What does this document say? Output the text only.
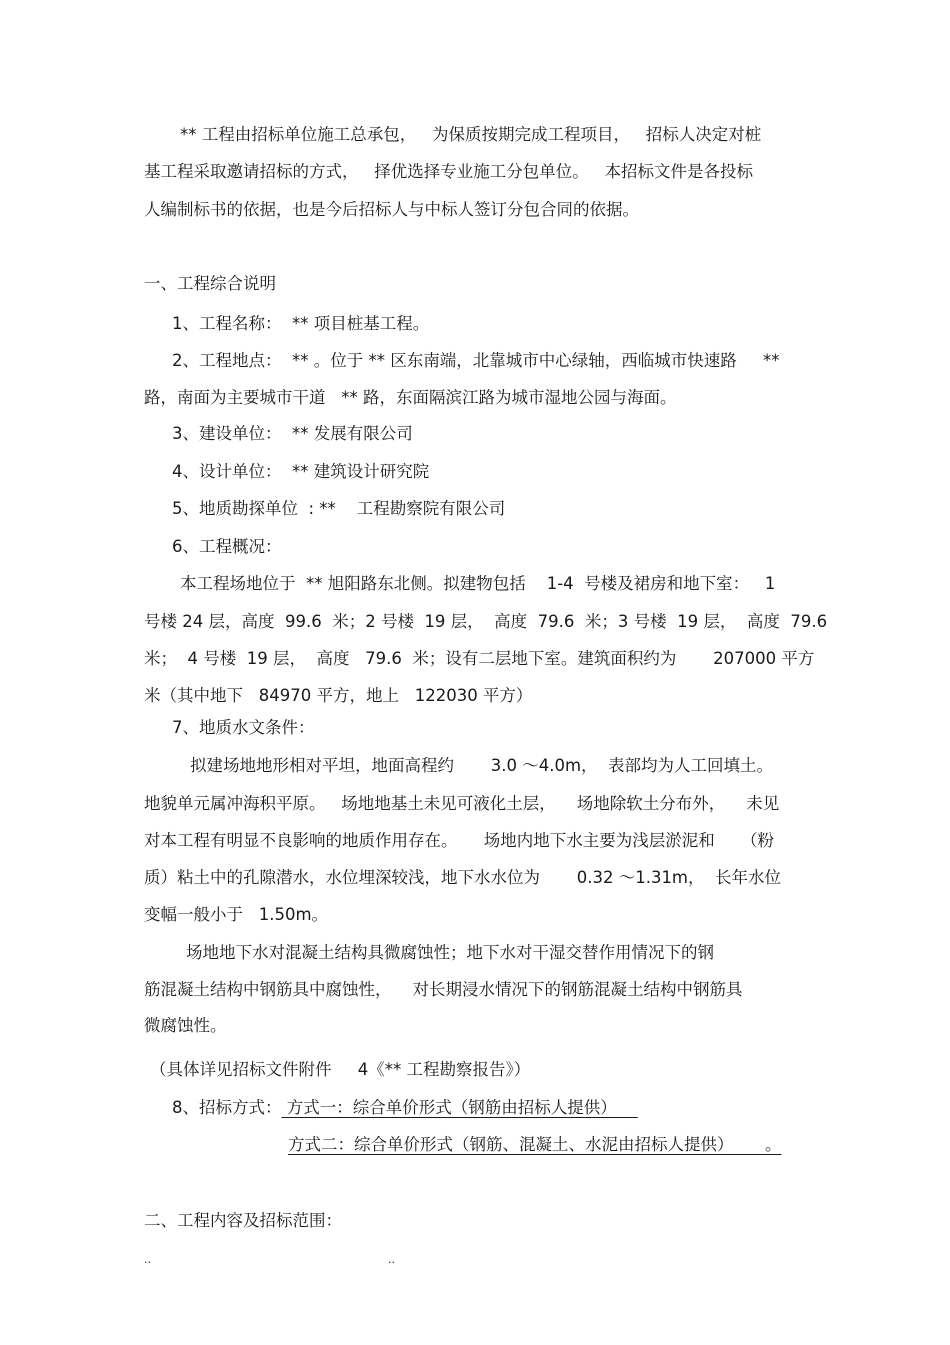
** 工程由招标单位施工总承包，   为保质按期完成工程项目，   招标人决定对桩
基工程采取邀请招标的方式，   择优选择专业施工分包单位。   本招标文件是各投标
人编制标书的依据，也是今后招标人与中标人签订分包合同的依据。
一、工程综合说明
1、工程名称：  ** 项目桩基工程。
2、工程地点：  ** 。位于 ** 区东南端，北靠城市中心绿轴，西临城市快速路     **
路，南面为主要城市干道   ** 路，东面隔滨江路为城市湿地公园与海面。
3、建设单位：  ** 发展有限公司
4、设计单位：  ** 建筑设计研究院
5、地质勘探单位  : **    工程勘察院有限公司
6、工程概况：
本工程场地位于  ** 旭阳路东北侧。拟建物包括    1-4  号楼及裙房和地下室：   1
号楼 24 层，高度  99.6  米；2 号楼  19 层，  高度  79.6  米；3 号楼  19 层，  高度  79.6
米；  4 号楼  19 层，  高度   79.6  米；设有二层地下室。建筑面积约为       207000 平方
米（其中地下   84970 平方，地上   122030 平方）
7、地质水文条件：
拟建场地地形相对平坦，地面高程约       3.0 ～4.0m，  表部均为人工回填土。
地貌单元属冲海积平原。   场地地基土未见可液化土层，    场地除软土分布外，    未见
对本工程有明显不良影响的地质作用存在。     场地内地下水主要为浅层淤泥和     （粉
质）粘土中的孔隙潜水，水位埋深较浅，地下水水位为       0.32 ～1.31m，  长年水位
变幅一般小于   1.50m。
场地地下水对混凝土结构具微腐蚀性；地下水对干湿交替作用情况下的钢
筋混凝土结构中钢筋具中腐蚀性，    对长期浸水情况下的钢筋混凝土结构中钢筋具
微腐蚀性。
（具体详见招标文件附件     4《** 工程勘察报告》）
8、招标方式： 方式一：综合单价形式（钢筋由招标人提供）
方式二：综合单价形式（钢筋、混凝土、水泥由招标人提供）      。
二、工程内容及招标范围：
..	..
